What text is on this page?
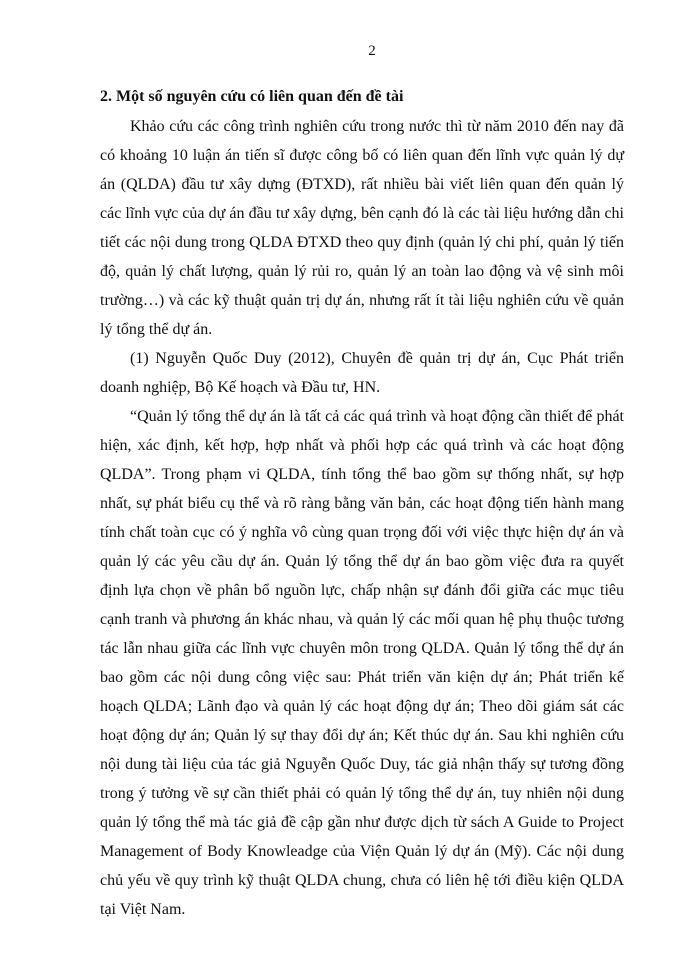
2
2. Một số nguyên cứu có liên quan đến đề tài

Khảo cứu các công trình nghiên cứu trong nước thì từ năm 2010 đến nay đã có khoảng 10 luận án tiến sĩ được công bố có liên quan đến lĩnh vực quản lý dự án (QLDA) đầu tư xây dựng (ĐTXD), rất nhiều bài viết liên quan đến quản lý các lĩnh vực của dự án đầu tư xây dựng, bên cạnh đó là các tài liệu hướng dẫn chi tiết các nội dung trong QLDA ĐTXD theo quy định (quản lý chi phí, quản lý tiến độ, quản lý chất lượng, quản lý rủi ro, quản lý an toàn lao động và vệ sinh môi trường…) và các kỹ thuật quản trị dự án, nhưng rất ít tài liệu nghiên cứu về quản lý tổng thể dự án.

(1) Nguyễn Quốc Duy (2012), Chuyên đề quản trị dự án, Cục Phát triển doanh nghiệp, Bộ Kế hoạch và Đầu tư, HN.

“Quản lý tổng thể dự án là tất cả các quá trình và hoạt động cần thiết để phát hiện, xác định, kết hợp, hợp nhất và phối hợp các quá trình và các hoạt động QLDA”. Trong phạm vi QLDA, tính tổng thể bao gồm sự thống nhất, sự hợp nhất, sự phát biểu cụ thể và rõ ràng bằng văn bản, các hoạt động tiến hành mang tính chất toàn cục có ý nghĩa vô cùng quan trọng đối với việc thực hiện dự án và quản lý các yêu cầu dự án. Quản lý tổng thể dự án bao gồm việc đưa ra quyết định lựa chọn về phân bổ nguồn lực, chấp nhận sự đánh đổi giữa các mục tiêu cạnh tranh và phương án khác nhau, và quản lý các mối quan hệ phụ thuộc tương tác lẫn nhau giữa các lĩnh vực chuyên môn trong QLDA. Quản lý tổng thể dự án bao gồm các nội dung công việc sau: Phát triển văn kiện dự án; Phát triển kế hoạch QLDA; Lãnh đạo và quản lý các hoạt động dự án; Theo dõi giám sát các hoạt động dự án; Quản lý sự thay đổi dự án; Kết thúc dự án. Sau khi nghiên cứu nội dung tài liệu của tác giả Nguyễn Quốc Duy, tác giả nhận thấy sự tương đồng trong ý tưởng về sự cần thiết phải có quản lý tổng thể dự án, tuy nhiên nội dung quản lý tổng thể mà tác giả đề cập gần như được dịch từ sách A Guide to Project Management of Body Knowleadge của Viện Quản lý dự án (Mỹ). Các nội dung chủ yếu về quy trình kỹ thuật QLDA chung, chưa có liên hệ tới điều kiện QLDA tại Việt Nam.
